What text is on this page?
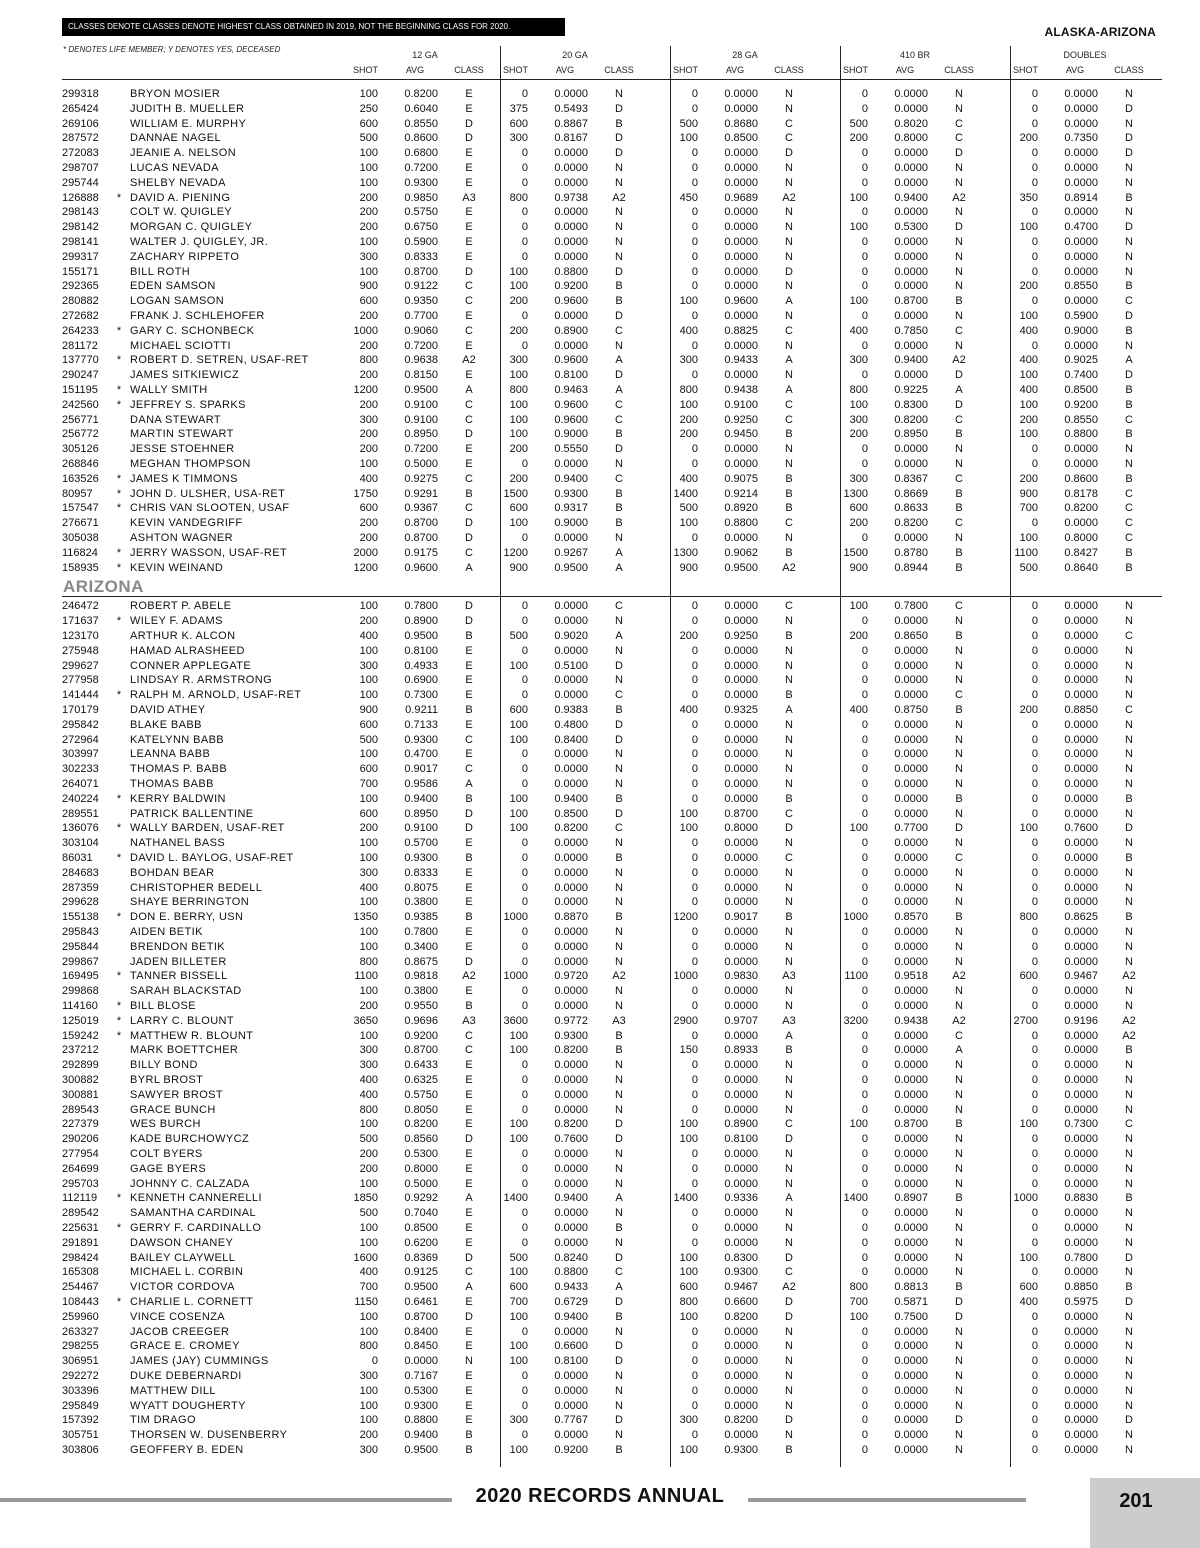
CLASSES DENOTE CLASSES DENOTE HIGHEST CLASS OBTAINED IN 2019, NOT THE BEGINNING CLASS FOR 2020.	ALASKA-ARIZONA
* DENOTES LIFE MEMBER; Y DENOTES YES, DECEASED
12 GA	20 GA	28 GA	410 BR	DOUBLES
SHOT	AVG	CLASS	SHOT	AVG	CLASS	SHOT	AVG	CLASS	SHOT	AVG	CLASS	SHOT	AVG	CLASS
299318	BRYON MOSIER	100	0.8200	E	0	0.0000	N	0	0.0000	N	0	0.0000	N	0	0.0000	N
265424	JUDITH B. MUELLER	250	0.6040	E	375	0.5493	D	0	0.0000	N	0	0.0000	N	0	0.0000	D
269106	WILLIAM E. MURPHY	600	0.8550	D	600	0.8867	B	500	0.8680	C	500	0.8020	C	0	0.0000	N
287572	DANNAE NAGEL	500	0.8600	D	300	0.8167	D	100	0.8500	C	200	0.8000	C	200	0.7350	D
272083	JEANIE A. NELSON	100	0.6800	E	0	0.0000	D	0	0.0000	D	0	0.0000	D	0	0.0000	D
298707	LUCAS NEVADA	100	0.7200	E	0	0.0000	N	0	0.0000	N	0	0.0000	N	0	0.0000	N
295744	SHELBY NEVADA	100	0.9300	E	0	0.0000	N	0	0.0000	N	0	0.0000	N	0	0.0000	N
126888	* DAVID A. PIENING	200	0.9850 A3	800	0.9738 A2	450	0.9689 A2	100	0.9400 A2	350	0.8914	B
298143	COLT W. QUIGLEY	200	0.5750	E	0	0.0000	N	0	0.0000	N	0	0.0000	N	0	0.0000	N
298142	MORGAN C. QUIGLEY	200	0.6750	E	0	0.0000	N	0	0.0000	N	100	0.5300	D	100	0.4700	D
298141	WALTER J. QUIGLEY, JR.	100	0.5900	E	0	0.0000	N	0	0.0000	N	0	0.0000	N	0	0.0000	N
299317	ZACHARY RIPPETO	300	0.8333	E	0	0.0000	N	0	0.0000	N	0	0.0000	N	0	0.0000	N
155171	BILL ROTH	100	0.8700	D	100	0.8800	D	0	0.0000	D	0	0.0000	N	0	0.0000	N
292365	EDEN SAMSON	900	0.9122	C	100	0.9200	B	0	0.0000	N	0	0.0000	N	200	0.8550	B
280882	LOGAN SAMSON	600	0.9350	C	200	0.9600	B	100	0.9600	A	100	0.8700	B	0	0.0000	C
272682	FRANK J. SCHLEHOFER	200	0.7700	E	0	0.0000	D	0	0.0000	N	0	0.0000	N	100	0.5900	D
264233	* GARY C. SCHONBECK	1000	0.9060	C	200	0.8900	C	400	0.8825	C	400	0.7850	C	400	0.9000	B
281172	MICHAEL SCIOTTI	200	0.7200	E	0	0.0000	N	0	0.0000	N	0	0.0000	N	0	0.0000	N
137770	* ROBERT D. SETREN, USAF-RET	800	0.9638 A2	300	0.9600	A	300	0.9433	A	300	0.9400 A2	400	0.9025	A
290247	JAMES SITKIEWICZ	200	0.8150	E	100	0.8100	D	0	0.0000	N	0	0.0000	D	100	0.7400	D
151195	* WALLY SMITH	1200	0.9500	A	800	0.9463	A	800	0.9438	A	800	0.9225	A	400	0.8500	B
242560	* JEFFREY S. SPARKS	200	0.9100	C	100	0.9600	C	100	0.9100	C	100	0.8300	D	100	0.9200	B
256771	DANA STEWART	300	0.9100	C	100	0.9600	C	200	0.9250	C	300	0.8200	C	200	0.8550	C
256772	MARTIN STEWART	200	0.8950	D	100	0.9000	B	200	0.9450	B	200	0.8950	B	100	0.8800	B
305126	JESSE STOEHNER	200	0.7200	E	200	0.5550	D	0	0.0000	N	0	0.0000	N	0	0.0000	N
268846	MEGHAN THOMPSON	100	0.5000	E	0	0.0000	N	0	0.0000	N	0	0.0000	N	0	0.0000	N
163526	* JAMES K TIMMONS	400	0.9275	C	200	0.9400	C	400	0.9075	B	300	0.8367	C	200	0.8600	B
80957	* JOHN D. ULSHER, USA-RET	1750	0.9291	B	1500	0.9300	B	1400	0.9214	B	1300	0.8669	B	900	0.8178	C
157547	* CHRIS VAN SLOOTEN, USAF	600	0.9367	C	600	0.9317	B	500	0.8920	B	600	0.8633	B	700	0.8200	C
276671	KEVIN VANDEGRIFF	200	0.8700	D	100	0.9000	B	100	0.8800	C	200	0.8200	C	0	0.0000	C
305038	ASHTON WAGNER	200	0.8700	D	0	0.0000	N	0	0.0000	N	0	0.0000	N	100	0.8000	C
116824	* JERRY WASSON, USAF-RET	2000	0.9175	C	1200	0.9267	A	1300	0.9062	B	1500	0.8780	B	1100	0.8427	B
158935	* KEVIN WEINAND	1200	0.9600	A	900	0.9500	A	900	0.9500 A2	900	0.8944	B	500	0.8640	B
ARIZONA
246472	ROBERT P. ABELE	100	0.7800	D	0	0.0000	C	0	0.0000	C	100	0.7800	C	0	0.0000	N
171637	* WILEY F. ADAMS	200	0.8900	D	0	0.0000	N	0	0.0000	N	0	0.0000	N	0	0.0000	N
123170	ARTHUR K. ALCON	400	0.9500	B	500	0.9020	A	200	0.9250	B	200	0.8650	B	0	0.0000	C
275948	HAMAD ALRASHEED	100	0.8100	E	0	0.0000	N	0	0.0000	N	0	0.0000	N	0	0.0000	N
299627	CONNER APPLEGATE	300	0.4933	E	100	0.5100	D	0	0.0000	N	0	0.0000	N	0	0.0000	N
277958	LINDSAY R. ARMSTRONG	100	0.6900	E	0	0.0000	N	0	0.0000	N	0	0.0000	N	0	0.0000	N
141444	* RALPH M. ARNOLD, USAF-RET	100	0.7300	E	0	0.0000	C	0	0.0000	B	0	0.0000	C	0	0.0000	N
170179	DAVID ATHEY	900	0.9211	B	600	0.9383	B	400	0.9325	A	400	0.8750	B	200	0.8850	C
295842	BLAKE BABB	600	0.7133	E	100	0.4800	D	0	0.0000	N	0	0.0000	N	0	0.0000	N
272964	KATELYNN BABB	500	0.9300	C	100	0.8400	D	0	0.0000	N	0	0.0000	N	0	0.0000	N
303997	LEANNA BABB	100	0.4700	E	0	0.0000	N	0	0.0000	N	0	0.0000	N	0	0.0000	N
302233	THOMAS P. BABB	600	0.9017	C	0	0.0000	N	0	0.0000	N	0	0.0000	N	0	0.0000	N
264071	THOMAS BABB	700	0.9586	A	0	0.0000	N	0	0.0000	N	0	0.0000	N	0	0.0000	N
240224	* KERRY BALDWIN	100	0.9400	B	100	0.9400	B	0	0.0000	B	0	0.0000	B	0	0.0000	B
289551	PATRICK BALLENTINE	600	0.8950	D	100	0.8500	D	100	0.8700	C	0	0.0000	N	0	0.0000	N
136076	* WALLY BARDEN, USAF-RET	200	0.9100	D	100	0.8200	C	100	0.8000	D	100	0.7700	D	100	0.7600	D
303104	NATHANEL BASS	100	0.5700	E	0	0.0000	N	0	0.0000	N	0	0.0000	N	0	0.0000	N
86031	* DAVID L. BAYLOG, USAF-RET	100	0.9300	B	0	0.0000	B	0	0.0000	C	0	0.0000	C	0	0.0000	B
284683	BOHDAN BEAR	300	0.8333	E	0	0.0000	N	0	0.0000	N	0	0.0000	N	0	0.0000	N
287359	CHRISTOPHER BEDELL	400	0.8075	E	0	0.0000	N	0	0.0000	N	0	0.0000	N	0	0.0000	N
299628	SHAYE BERRINGTON	100	0.3800	E	0	0.0000	N	0	0.0000	N	0	0.0000	N	0	0.0000	N
155138	* DON E. BERRY, USN	1350	0.9385	B	1000	0.8870	B	1200	0.9017	B	1000	0.8570	B	800	0.8625	B
295843	AIDEN BETIK	100	0.7800	E	0	0.0000	N	0	0.0000	N	0	0.0000	N	0	0.0000	N
295844	BRENDON BETIK	100	0.3400	E	0	0.0000	N	0	0.0000	N	0	0.0000	N	0	0.0000	N
299867	JADEN BILLETER	800	0.8675	D	0	0.0000	N	0	0.0000	N	0	0.0000	N	0	0.0000	N
169495	* TANNER BISSELL	1100	0.9818 A2	1000	0.9720 A2	1000	0.9830 A3	1100	0.9518 A2	600	0.9467 A2
299868	SARAH BLACKSTAD	100	0.3800	E	0	0.0000	N	0	0.0000	N	0	0.0000	N	0	0.0000	N
114160	* BILL BLOSE	200	0.9550	B	0	0.0000	N	0	0.0000	N	0	0.0000	N	0	0.0000	N
125019	* LARRY C. BLOUNT	3650	0.9696 A3	3600	0.9772 A3	2900	0.9707 A3	3200	0.9438 A2	2700	0.9196 A2
159242	* MATTHEW R. BLOUNT	100	0.9200	C	100	0.9300	B	0	0.0000	A	0	0.0000	C	0	0.0000 A2
237212	MARK BOETTCHER	300	0.8700	C	100	0.8200	B	150	0.8933	B	0	0.0000	A	0	0.0000	B
292899	BILLY BOND	300	0.6433	E	0	0.0000	N	0	0.0000	N	0	0.0000	N	0	0.0000	N
300882	BYRL BROST	400	0.6325	E	0	0.0000	N	0	0.0000	N	0	0.0000	N	0	0.0000	N
300881	SAWYER BROST	400	0.5750	E	0	0.0000	N	0	0.0000	N	0	0.0000	N	0	0.0000	N
289543	GRACE BUNCH	800	0.8050	E	0	0.0000	N	0	0.0000	N	0	0.0000	N	0	0.0000	N
227379	WES BURCH	100	0.8200	E	100	0.8200	D	100	0.8900	C	100	0.8700	B	100	0.7300	C
290206	KADE BURCHOWYCZ	500	0.8560	D	100	0.7600	D	100	0.8100	D	0	0.0000	N	0	0.0000	N
277954	COLT BYERS	200	0.5300	E	0	0.0000	N	0	0.0000	N	0	0.0000	N	0	0.0000	N
264699	GAGE BYERS	200	0.8000	E	0	0.0000	N	0	0.0000	N	0	0.0000	N	0	0.0000	N
295703	JOHNNY C. CALZADA	100	0.5000	E	0	0.0000	N	0	0.0000	N	0	0.0000	N	0	0.0000	N
112119	* KENNETH CANNERELLI	1850	0.9292	A	1400	0.9400	A	1400	0.9336	A	1400	0.8907	B	1000	0.8830	B
289542	SAMANTHA CARDINAL	500	0.7040	E	0	0.0000	N	0	0.0000	N	0	0.0000	N	0	0.0000	N
225631	* GERRY F. CARDINALLO	100	0.8500	E	0	0.0000	B	0	0.0000	N	0	0.0000	N	0	0.0000	N
291891	DAWSON CHANEY	100	0.6200	E	0	0.0000	N	0	0.0000	N	0	0.0000	N	0	0.0000	N
298424	BAILEY CLAYWELL	1600	0.8369	D	500	0.8240	D	100	0.8300	D	0	0.0000	N	100	0.7800	D
165308	MICHAEL L. CORBIN	400	0.9125	C	100	0.8800	C	100	0.9300	C	0	0.0000	N	0	0.0000	N
254467	VICTOR CORDOVA	700	0.9500	A	600	0.9433	A	600	0.9467 A2	800	0.8813	B	600	0.8850	B
108443	* CHARLIE L. CORNETT	1150	0.6461	E	700	0.6729	D	800	0.6600	D	700	0.5871	D	400	0.5975	D
259960	VINCE COSENZA	100	0.8700	D	100	0.9400	B	100	0.8200	D	100	0.7500	D	0	0.0000	N
263327	JACOB CREEGER	100	0.8400	E	0	0.0000	N	0	0.0000	N	0	0.0000	N	0	0.0000	N
298255	GRACE E. CROMEY	800	0.8450	E	100	0.6600	D	0	0.0000	N	0	0.0000	N	0	0.0000	N
306951	JAMES (JAY) CUMMINGS	0	0.0000	N	100	0.8100	D	0	0.0000	N	0	0.0000	N	0	0.0000	N
292272	DUKE DEBERNARDI	300	0.7167	E	0	0.0000	N	0	0.0000	N	0	0.0000	N	0	0.0000	N
303396	MATTHEW DILL	100	0.5300	E	0	0.0000	N	0	0.0000	N	0	0.0000	N	0	0.0000	N
295849	WYATT DOUGHERTY	100	0.9300	E	0	0.0000	N	0	0.0000	N	0	0.0000	N	0	0.0000	N
157392	TIM DRAGO	100	0.8800	E	300	0.7767	D	300	0.8200	D	0	0.0000	D	0	0.0000	D
305751	THORSEN W. DUSENBERRY	200	0.9400	B	0	0.0000	N	0	0.0000	N	0	0.0000	N	0	0.0000	N
303806	GEOFFERY B. EDEN	300	0.9500	B	100	0.9200	B	100	0.9300	B	0	0.0000	N	0	0.0000	N
2020 RECORDS ANNUAL	201
